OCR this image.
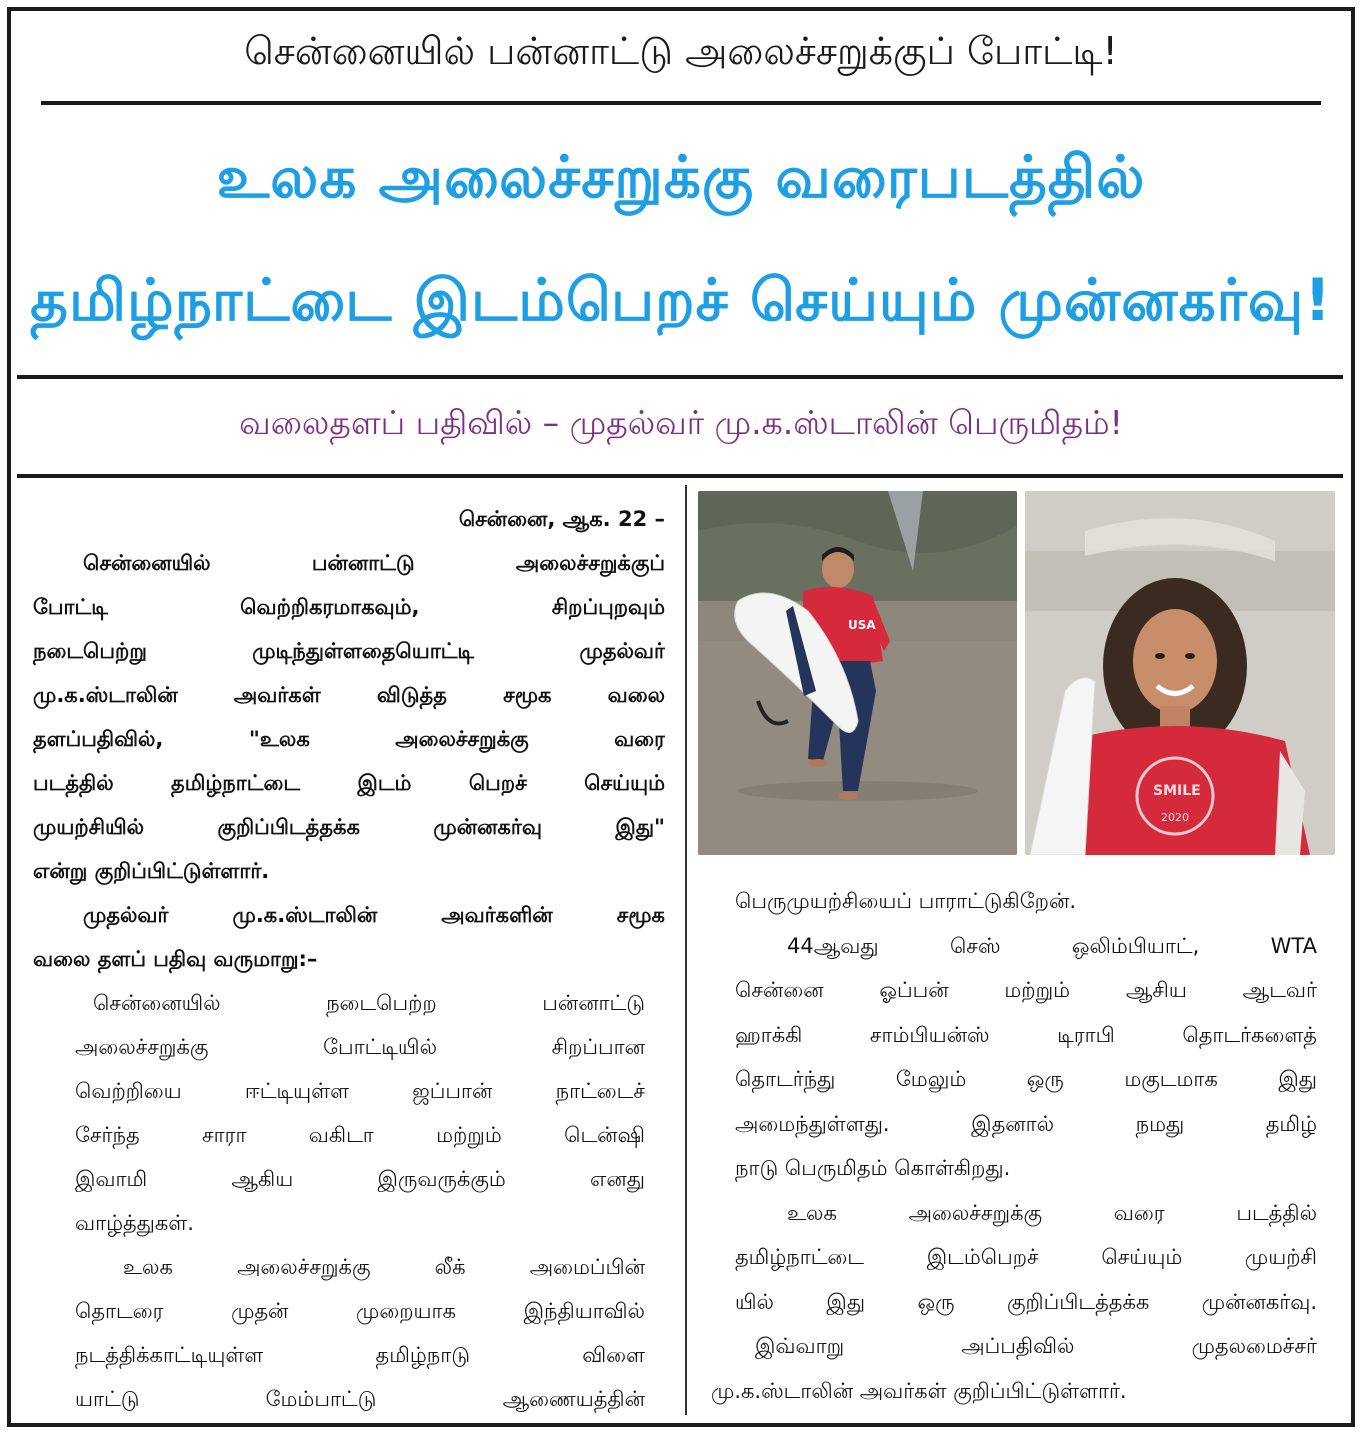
சென்னையில் பன்னாட்டு அலைச்சறுக்குப் போட்டி!
உலக அலைச்சறுக்கு வரைபடத்தில்
தமிழ்நாட்டை இடம்பெறச் செய்யும் முன்னகர்வு!
வலைதளப் பதிவில் – முதல்வர் மு.க.ஸ்டாலின் பெருமிதம்!
சென்னை, ஆக. 22 –
சென்னையில் பன்னாட்டு அலைச்சறுக்குப்
போட்டி வெற்றிகரமாகவும், சிறப்புறவும்
நடைபெற்று முடிந்துள்ளதையொட்டி முதல்வர்
மு.க.ஸ்டாலின் அவர்கள் விடுத்த சமூக வலை
தளப்பதிவில், "உலக அலைச்சறுக்கு வரை
படத்தில் தமிழ்நாட்டை இடம் பெறச் செய்யும்
முயற்சியில் குறிப்பிடத்தக்க முன்னகர்வு இது"
என்று குறிப்பிட்டுள்ளார்.
முதல்வர் மு.க.ஸ்டாலின் அவர்களின் சமூக
வலை தளப் பதிவு வருமாறு:–
சென்னையில் நடைபெற்ற பன்னாட்டு
அலைச்சறுக்கு போட்டியில் சிறப்பான
வெற்றியை ஈட்டியுள்ள ஜப்பான் நாட்டைச்
சேர்ந்த சாரா வகிடா மற்றும் டென்ஷி
இவாமி ஆகிய இருவருக்கும் எனது
வாழ்த்துகள்.
உலக அலைச்சறுக்கு லீக் அமைப்பின்
தொடரை முதன் முறையாக இந்தியாவில்
நடத்திக்காட்டியுள்ள தமிழ்நாடு விளை
யாட்டு மேம்பாட்டு ஆணையத்தின்
USA
SMILE
2020
பெருமுயற்சியைப் பாராட்டுகிறேன்.
44ஆவது செஸ் ஒலிம்பியாட், WTA
சென்னை ஓப்பன் மற்றும் ஆசிய ஆடவர்
ஹாக்கி சாம்பியன்ஸ் டிராபி தொடர்களைத்
தொடர்ந்து மேலும் ஒரு மகுடமாக இது
அமைந்துள்ளது. இதனால் நமது தமிழ்
நாடு பெருமிதம் கொள்கிறது.
உலக அலைச்சறுக்கு வரை படத்தில்
தமிழ்நாட்டை இடம்பெறச் செய்யும் முயற்சி
யில் இது ஒரு குறிப்பிடத்தக்க முன்னகர்வு.
இவ்வாறு அப்பதிவில் முதலமைச்சர்
மு.க.ஸ்டாலின் அவர்கள் குறிப்பிட்டுள்ளார்.
